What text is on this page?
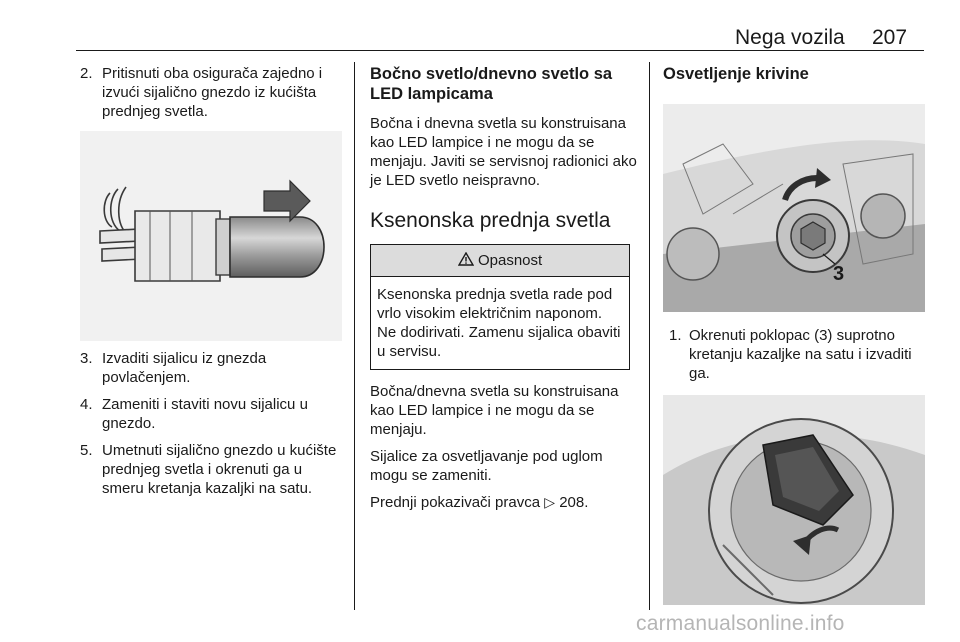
Nega vozila 207
2. Pritisnuti oba osigurača zajedno i izvući sijalično gnezdo iz kućišta prednjeg svetla.
3. Izvaditi sijalicu iz gnezda povlačenjem.
4. Zameniti i staviti novu sijalicu u gnezdo.
5. Umetnuti sijalično gnezdo u kućište prednjeg svetla i okrenuti ga u smeru kretanja kazaljki na satu.
Bočno svetlo/dnevno svetlo sa LED lampicama

Bočna i dnevna svetla su konstruisana kao LED lampice i ne mogu da se menjaju. Javiti se servisnoj radionici ako je LED svetlo neispravno.

Ksenonska prednja svetla
Opasnost
Ksenonska prednja svetla rade pod vrlo visokim električnim naponom. Ne dodirivati. Zamenu sijalica obaviti u servisu.

Bočna/dnevna svetla su konstruisana kao LED lampice i ne mogu da se menjaju.

Sijalice za osvetljavanje pod uglom mogu se zameniti.

Prednji pokazivači pravca ▷ 208.

Osvetljenje krivine
3
1. Okrenuti poklopac (3) suprotno kretanju kazaljke na satu i izvaditi ga.
carmanualsonline.info
